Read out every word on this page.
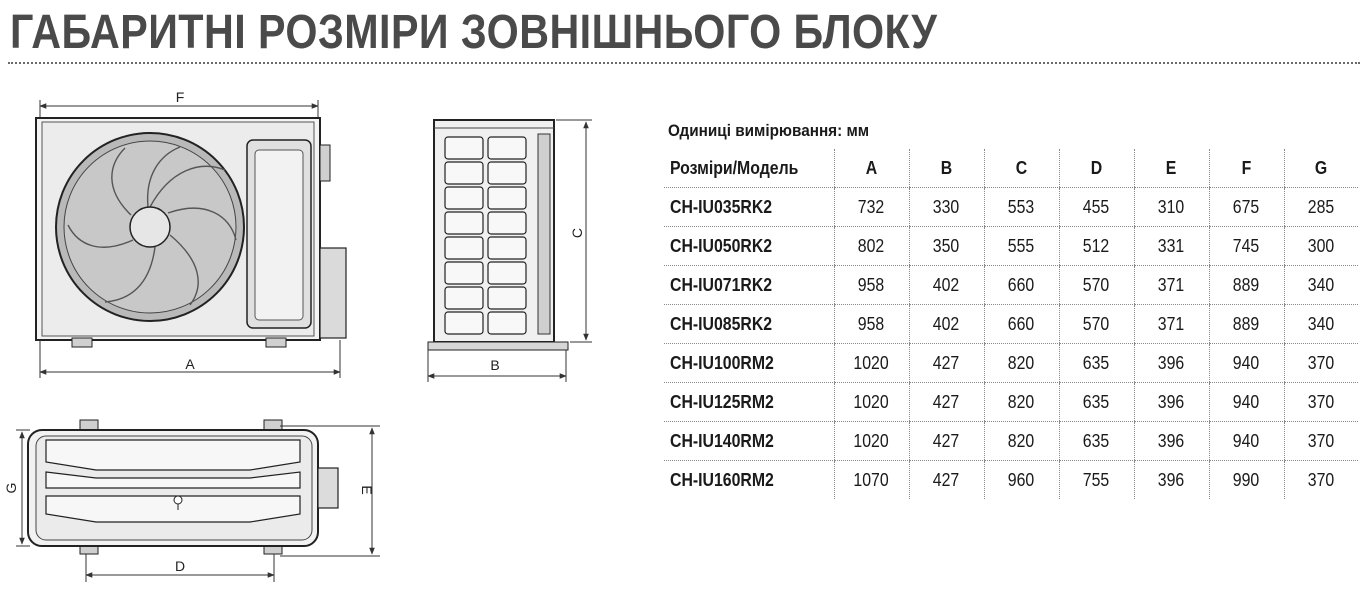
ГАБАРИТНІ РОЗМІРИ ЗОВНІШНЬОГО БЛОКУ
F
A
C
B
G	E
D
Одиниці вимірювання: мм
Розміри/Модель	A	B	C	D	E	F	G
CH-IU035RK2	732	330	553	455	310	675	285
CH-IU050RK2	802	350	555	512	331	745	300
CH-IU071RK2	958	402	660	570	371	889	340
CH-IU085RK2	958	402	660	570	371	889	340
CH-IU100RM2	1020	427	820	635	396	940	370
CH-IU125RM2	1020	427	820	635	396	940	370
CH-IU140RM2	1020	427	820	635	396	940	370
CH-IU160RM2	1070	427	960	755	396	990	370
